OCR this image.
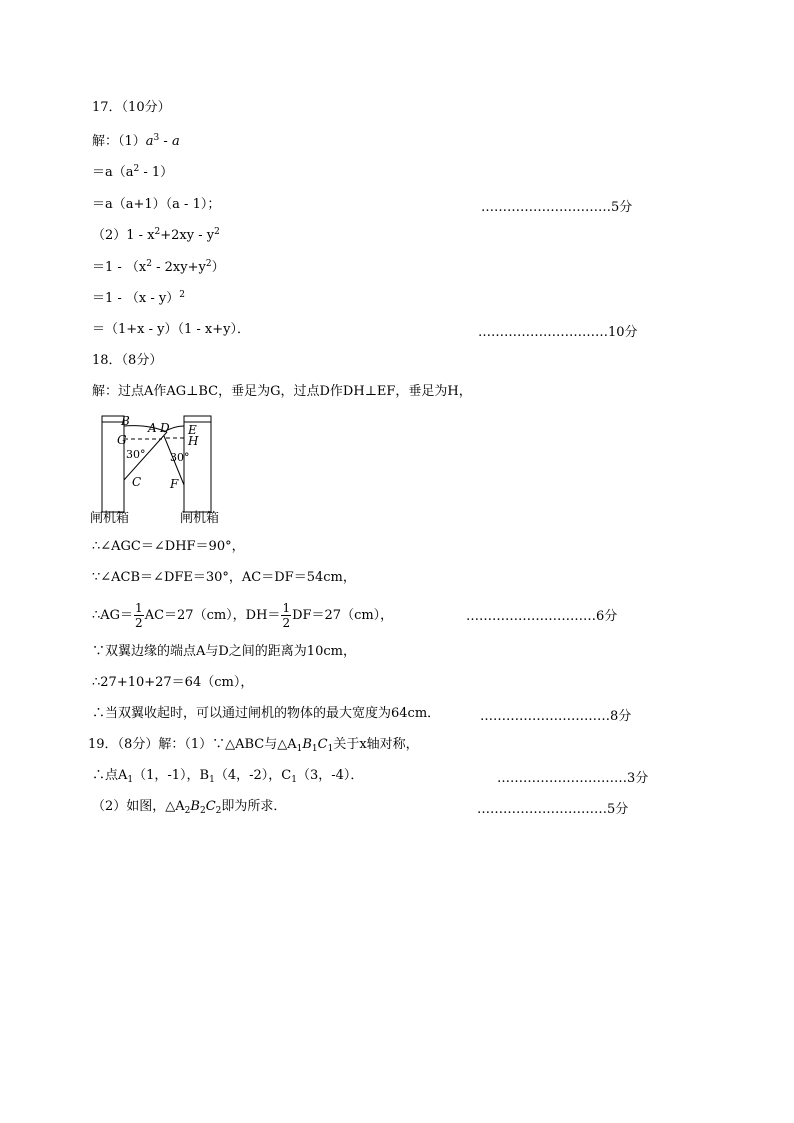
17．（10分）
解：$(1)a^3$ - a
$=a(a^2 - 1)$
＝a（a+1）（a - 1）；	…………………………5分
$(2)1 - x^2+2xy - y^2$
$=1 - (x^2 - 2xy+y^2)$
＝1 - （x - y）$^2$
＝（1+x - y）（1 - x+y）．	…………………………10分
18．（8分）
解：过点A作AG⊥BC，垂足为G，过点D作DH⊥EF，垂足为H，
B
G
A D E
H
30° 30°
C F
闸机箱	闸机箱
∴∠AGC＝∠DHF＝90°，
∵∠ACB＝∠DFE＝30°，AC＝DF＝54cm，
∴AG＝ $\frac{1}{2} AC=27(cm)$，$DH= \frac{1}{2} DF=27(cm)$，	…………………………6分
∵双翼边缘的端点A与D之间的距离为10cm，
∴27+10+27＝64（cm），
∴当双翼收起时，可以通过闸机的物体的最大宽度为64cm．	…………………………8分
19．（8分）解：（1）∵△ABC与$\triangle A_1B_1C_1$关于x轴对称，
∴点$A_1(1$，-1），$B_1(4$，-2），$C_1(3$，-4）．	…………………………3分
（2）如图，$\triangle A_2B_2C_2$即为所求．	…………………………5分
